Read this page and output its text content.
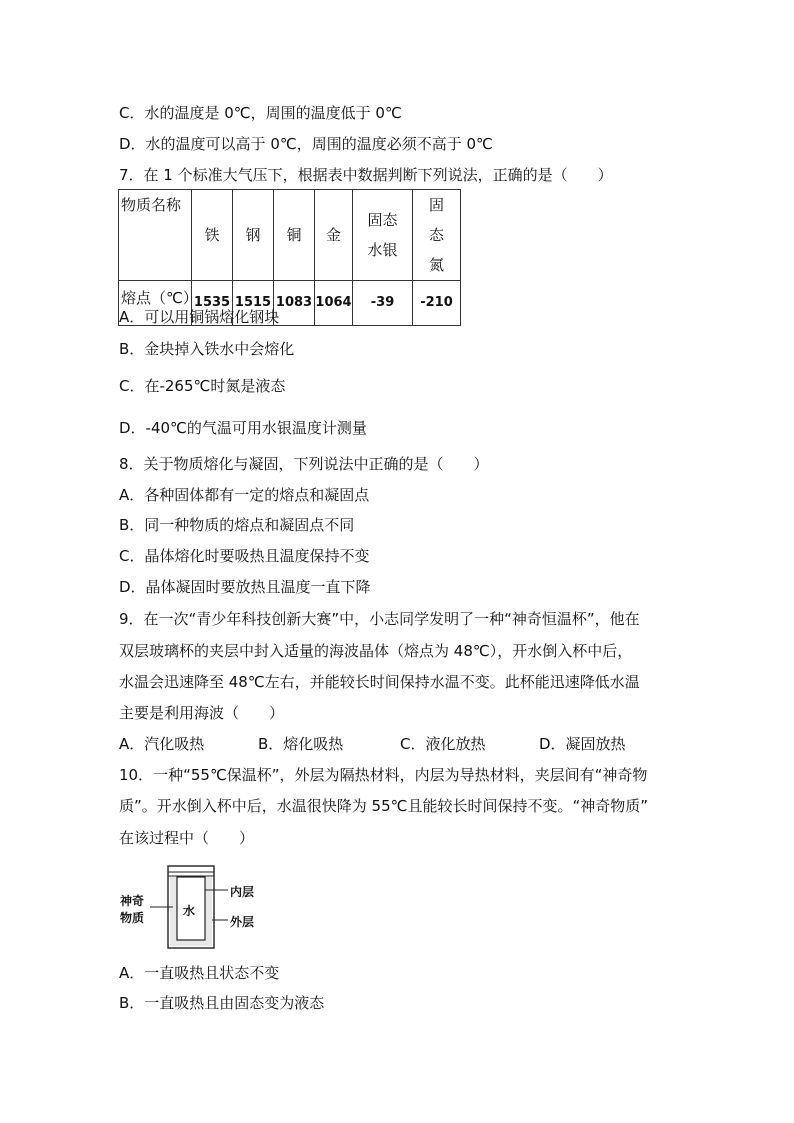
C．水的温度是 0℃，周围的温度低于 0℃
D．水的温度可以高于 0℃，周围的温度必须不高于 0℃
7．在 1 个标准大气压下，根据表中数据判断下列说法，正确的是（　　）
物质名称	铁	钢	铜	金	固态水银	固态氮
熔点（℃）	1535	1515	1083	1064	-39	-210
A．可以用铜锅熔化钢块
B．金块掉入铁水中会熔化
C．在-265℃时氮是液态
D．-40℃的气温可用水银温度计测量
8．关于物质熔化与凝固，下列说法中正确的是（　　）
A．各种固体都有一定的熔点和凝固点
B．同一种物质的熔点和凝固点不同
C．晶体熔化时要吸热且温度保持不变
D．晶体凝固时要放热且温度一直下降
9．在一次“青少年科技创新大赛”中，小志同学发明了一种“神奇恒温杯”，他在
双层玻璃杯的夹层中封入适量的海波晶体（熔点为 48℃），开水倒入杯中后，
水温会迅速降至 48℃左右，并能较长时间保持水温不变。此杯能迅速降低水温
主要是利用海波（　　）
A．汽化吸热	B．熔化吸热	C．液化放热	D．凝固放热
10．一种“55℃保温杯”，外层为隔热材料，内层为导热材料，夹层间有“神奇物
质”。开水倒入杯中后，水温很快降为 55℃且能较长时间保持不变。“神奇物质”
在该过程中（　　）
水
内层
外层
神奇
物质
A．一直吸热且状态不变
B．一直吸热且由固态变为液态
